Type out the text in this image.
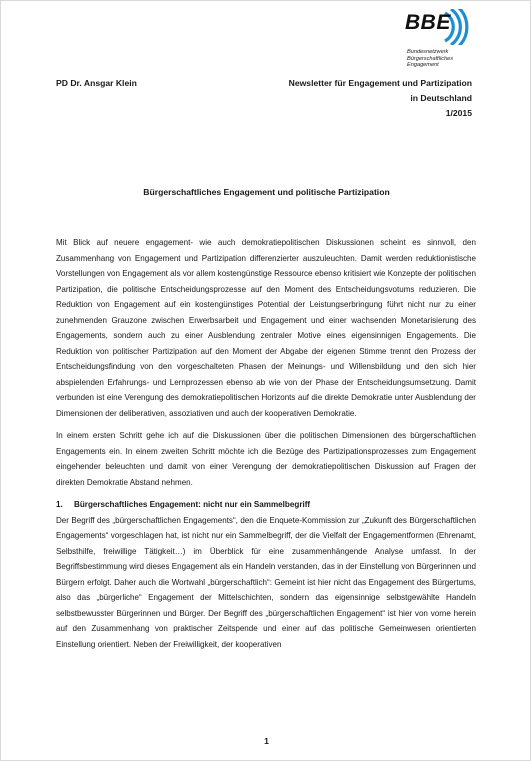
BBE
Bundesnetzwerk
Bürgerschaftliches
Engagement
PD Dr. Ansgar Klein	Newsletter für Engagement und Partizipation
in Deutschland
1/2015
Bürgerschaftliches Engagement und politische Partizipation

Mit Blick auf neuere engagement- wie auch demokratiepolitischen Diskussionen scheint es sinnvoll, den Zusammenhang von Engagement und Partizipation differenzierter auszuleuchten. Damit werden reduktionistische Vorstellungen von Engagement als vor allem kostengünstige Ressource ebenso kritisiert wie Konzepte der politischen Partizipation, die politische Entscheidungsprozesse auf den Moment des Entscheidungsvotums reduzieren. Die Reduktion von Engagement auf ein kostengünstiges Potential der Leistungserbringung führt nicht nur zu einer zunehmenden Grauzone zwischen Erwerbsarbeit und Engagement und einer wachsenden Monetarisierung des Engagements, sondern auch zu einer Ausblendung zentraler Motive eines eigensinnigen Engagements. Die Reduktion von politischer Partizipation auf den Moment der Abgabe der eigenen Stimme trennt den Prozess der Entscheidungsfindung von den vorgeschalteten Phasen der Meinungs- und Willensbildung und den sich hier abspielenden Erfahrungs- und Lernprozessen ebenso ab wie von der Phase der Entscheidungsumsetzung. Damit verbunden ist eine Verengung des demokratiepolitischen Horizonts auf die direkte Demokratie unter Ausblendung der Dimensionen der deliberativen, assoziativen und auch der kooperativen Demokratie.

In einem ersten Schritt gehe ich auf die Diskussionen über die politischen Dimensionen des bürgerschaftlichen Engagements ein. In einem zweiten Schritt möchte ich die Bezüge des Partizipationsprozesses zum Engagement eingehender beleuchten und damit von einer Verengung der demokratiepolitischen Diskussion auf Fragen der direkten Demokratie Abstand nehmen.

1. Bürgerschaftliches Engagement: nicht nur ein Sammelbegriff

Der Begriff des „bürgerschaftlichen Engagements“, den die Enquete-Kommission zur „Zukunft des Bürgerschaftlichen Engagements“ vorgeschlagen hat, ist nicht nur ein Sammelbegriff, der die Vielfalt der Engagementformen (Ehrenamt, Selbsthilfe, freiwillige Tätigkeit…) im Überblick für eine zusammenhängende Analyse umfasst. In der Begriffsbestimmung wird dieses Engagement als ein Handeln verstanden, das in der Einstellung von Bürgerinnen und Bürgern erfolgt. Daher auch die Wortwahl „bürgerschaftlich“: Gemeint ist hier nicht das Engagement des Bürgertums, also das „bürgerliche“ Engagement der Mittelschichten, sondern das eigensinnige selbstgewählte Handeln selbstbewusster Bürgerinnen und Bürger. Der Begriff des „bürgerschaftlichen Engagement“ ist hier von vorne herein auf den Zusammenhang von praktischer Zeitspende und einer auf das politische Gemeinwesen orientierten Einstellung orientiert. Neben der Freiwilligkeit, der kooperativen

1
